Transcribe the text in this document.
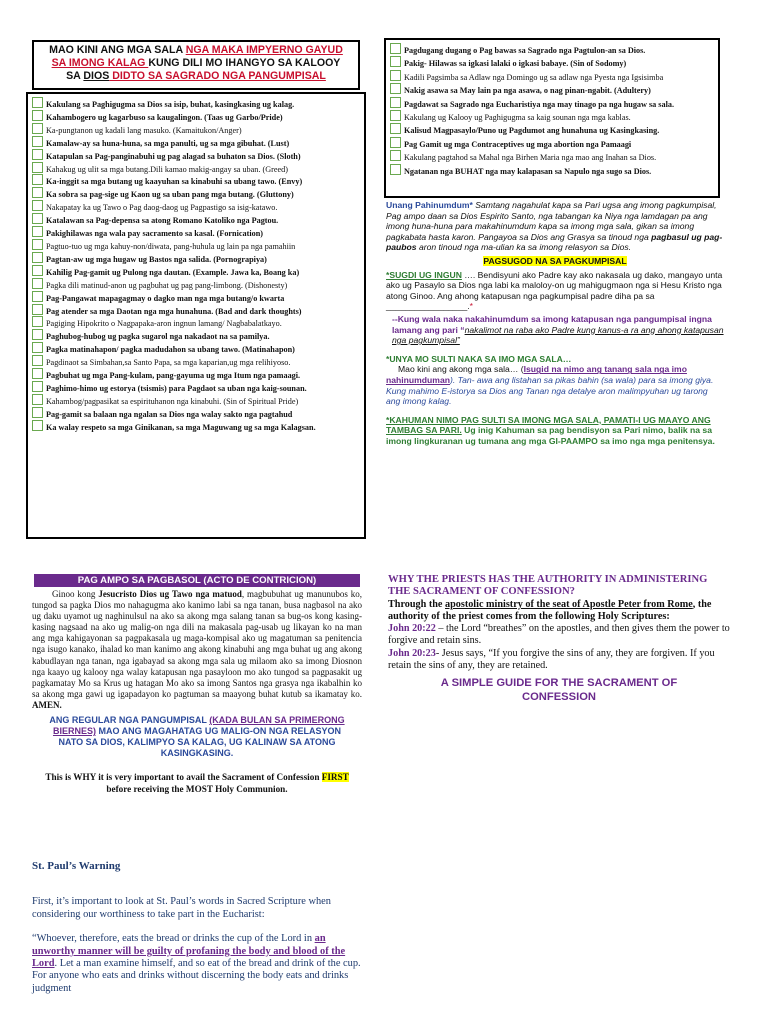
MAO KINI ANG MGA SALA NGA MAKA IMPYERNO GAYUD
SA IMONG KALAG KUNG DILI MO IHANGYO SA KALOOY
SA DIOS DIDTO SA SAGRADO NGA PANGUMPISAL
Kakulang sa Paghigugma sa Dios sa isip, buhat, kasingkasing ug kalag.
Kahambogero ug kagarbuso sa kaugalingon. (Taas ug Garbo/Pride)
Ka-pungtanon ug kadali lang masuko. (Kamaitukon/Anger)
Kamalaw-ay sa huna-huna, sa mga panulti, ug sa mga gibuhat. (Lust)
Katapulan sa Pag-panginabuhi ug pag alagad sa buhaton sa Dios. (Sloth)
Kahakug ug ulit sa mga butang.Dili kamao makig-angay sa uban. (Greed)
Ka-inggit sa mga butang ug kaayuhan sa kinabuhi sa ubang tawo. (Envy)
Ka sobra sa pag-sige ug Kaon ug sa uban pang mga butang. (Gluttony)
Nakapatay ka ug Tawo o Pag daog-daog ug Pagpastigo sa isig-katawo.
Katalawan sa Pag-depensa sa atong Romano Katoliko nga Pagtou.
Pakighilawas nga wala pay sacramento sa kasal. (Fornication)
Pagtuo-tuo ug mga kahuy-non/diwata, pang-huhula ug lain pa nga pamahiin
Pagtan-aw ug mga hugaw ug Bastos nga salida. (Pornograpiya)
Kahilig Pag-gamit ug Pulong nga dautan. (Example. Jawa ka, Boang ka)
Pagka dili matinud-anon ug pagbuhat ug pag pang-limbong. (Dishonesty)
Pag-Pangawat mapagagmay o dagko man nga mga butang/o kwarta
Pag atender sa mga Daotan nga mga hunahuna. (Bad and dark thoughts)
Pagiging Hipokrito o Nagpapaka-aron ingnun lamang/ Nagbabalatkayo.
Paghubog-hubog ug pagka sugarol nga nakadaot na sa pamilya.
Pagka matinahapon/ pagka madudahon sa ubang tawo. (Matinahapon)
Pagdinaot sa Simbahan,sa Santo Papa, sa mga kaparian,ug mga relihiyoso.
Pagbuhat ug mga Pang-kulam, pang-gayuma ug mga Itum nga pamaagi.
Paghimo-himo ug estorya (tsismis) para Pagdaot sa uban nga kaig-sounan.
Kahambog/pagpasikat sa espirituhanon nga kinabuhi. (Sin of Spiritual Pride)
Pag-gamit sa balaan nga ngalan sa Dios nga walay sakto nga pagtahud
Ka walay respeto sa mga Ginikanan, sa mga Maguwang ug sa mga Kalagsan.
Pagdugang dugang o Pag bawas sa Sagrado nga Pagtulon-an sa Dios.
Pakig- Hilawas sa igkasi lalaki o igkasi babaye. (Sin of Sodomy)
Kadili Pagsimba sa Adlaw nga Domingo ug sa adlaw nga Pyesta nga Igsisimba
Nakig asawa sa May lain pa nga asawa, o nag pinan-ngabit. (Adultery)
Pagdawat sa Sagrado nga Eucharistiya nga may tinago pa nga hugaw sa sala.
Kakulang ug Kalooy ug Paghigugma sa kaig sounan nga mga kablas.
Kalisud Magpasaylo/Puno ug Pagdumot ang hunahuna ug Kasingkasing.
Pag Gamit ug mga Contraceptives ug mga abortion nga Pamaagi
Kakulang pagtahod sa Mahal nga Birhen Maria nga mao ang Inahan sa Dios.
Ngatanan nga BUHAT nga may kalapasan sa Napulo nga sugo sa Dios.
Unang Pahinumdum* Samtang nagahulat kapa sa Pari ugsa ang imong pagkumpisal, Pag ampo daan sa Dios Espirito Santo, nga tabangan ka Niya nga lamdagan pa ang imong huna-huna para makahinumdum kapa sa imong mga sala, gikan sa imong pagkabata hasta karon. Pangayoa sa Dios ang Grasya sa tinoud nga pagbasul ug pag-paubos aron tinoud nga ma-ulian ka sa imong relasyon sa Dios.
PAGSUGOD NA SA PAGKUMPISAL
*SUGDI UG INGUN …. Bendisyuni ako Padre kay ako nakasala ug dako, mangayo unta ako ug Pasaylo sa Dios nga labi ka maloloy-on ug mahigugmaon nga si Hesu Kristo nga atong Ginoo. Ang ahong katapusan nga pagkumpisal padre diha pa sa _________________.*
--Kung wala naka nakahinumdum sa imong katapusan nga pangumpisal ingna lamang ang pari “nakalimot na raba ako Padre kung kanus-a ra ang ahong katapusan nga pagkumpisal”
*UNYA MO SULTI NAKA SA IMO MGA SALA…
Mao kini ang akong mga sala… (Isugid na nimo ang tanang sala nga imo nahinumduman). Tan- awa ang listahan sa pikas bahin (sa wala) para sa imong giya. Kung mahimo E-istorya sa Dios ang Tanan nga detalye aron malimpyuhan ug tarong ang imong kalag.
*KAHUMAN NIMO PAG SULTI SA IMONG MGA SALA, PAMATI-I UG MAAYO ANG TAMBAG SA PARI. Ug inig Kahuman sa pag bendisyon sa Pari nimo, balik na sa imong lingkuranan ug tumana ang mga GI-PAAMPO sa imo nga mga penitensya.
PAG AMPO SA PAGBASOL (ACTO DE CONTRICION)
Ginoo kong Jesucristo Dios ug Tawo nga matuod, magbubuhat ug manunubos ko, tungod sa pagka Dios mo nahagugma ako kanimo labi sa nga tanan, busa nagbasol na ako ug daku uyamot ug naghinulsul na ako sa akong mga salang tanan sa bug-os kong kasing-kasing nagsaad na ako ug malig-on nga dili na makasala pag-usab ug likayan ko na man ang mga kahigayonan sa pagpakasala ug maga-kompisal ako ug magatuman sa penitencia nga isugo kanako, ihalad ko man kanimo ang akong kinabuhi ang mga buhat ug ang akong kabudlayan nga tanan, nga igabayad sa akong mga sala ug milaom ako sa imong Diosnon nga kaayo ug kalooy nga walay katapusan nga pasayloon mo ako tungod sa pagpasakit ug pagkamatay Mo sa Krus ug hatagan Mo ako sa imong Santos nga grasya nga ikabalhin ko sa akong mga gawi ug igapadayon ko pagtuman sa maayong buhat kutub sa ikamatay ko. AMEN.
ANG REGULAR NGA PANGUMPISAL (KADA BULAN SA PRIMERONG BIERNES) MAO ANG MAGAHATAG UG MALIG-ON NGA RELASYON NATO SA DIOS, KALIMPYO SA KALAG, UG KALINAW SA ATONG KASINGKASING.
This is WHY it is very important to avail the Sacrament of Confession FIRST before receiving the MOST Holy Communion.
WHY THE PRIESTS HAS THE AUTHORITY IN ADMINISTERING THE SACRAMENT OF CONFESSION?
Through the apostolic ministry of the seat of Apostle Peter from Rome, the authority of the priest comes from the following Holy Scriptures:
John 20:22 – the Lord “breathes” on the apostles, and then gives them the power to forgive and retain sins.
John 20:23- Jesus says, “If you forgive the sins of any, they are forgiven. If you retain the sins of any, they are retained.
A SIMPLE GUIDE FOR THE SACRAMENT OF CONFESSION
St. Paul’s Warning
First, it’s important to look at St. Paul’s words in Sacred Scripture when considering our worthiness to take part in the Eucharist:
“Whoever, therefore, eats the bread or drinks the cup of the Lord in an unworthy manner will be guilty of profaning the body and blood of the Lord. Let a man examine himself, and so eat of the bread and drink of the cup. For anyone who eats and drinks without discerning the body eats and drinks judgment
